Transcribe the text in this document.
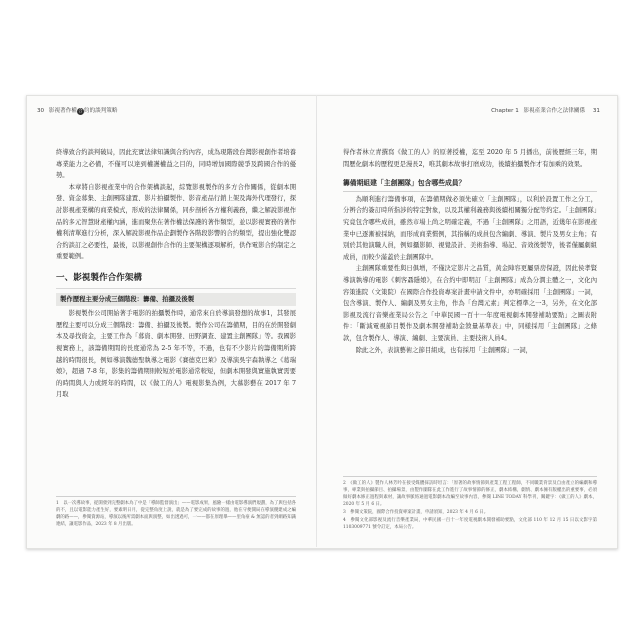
30 影視著作權合約的談判策略	Chapter 1 影視產業合作之法律關係 31

終導致合約談判破局，因此充實法律知識與合約內容，成為現階段台灣影視創作者培養專業能力之必備，不僅可以達到權護權益之目的，同時增加國際競爭及跨國合作的優勢。

本章將自影視產業中的合作架構談起，綜覽影視製作的多方合作關係，從劇本開發、資金募集、主創團隊建置、影片拍攝製作、影音產品行銷上架及海外代理發行，探討影視產業構的商業模式，形成的法律關係，同步剖析各方權利義務，繼之解說影視作品的多元智慧財產權內涵，進而聚焦在著作權法保護的著作類型，並以影視實務的著作權利清單進行分析，深入解說影視作品企劃製作各階段影響的合約類型，提出強化雙認合約談訂之必要性，最後，以影視創作合作的主要架構逐項解析，供作電影合約制定之重要範例。

一、影視製作合作架構
製作歷程主要分成三個階段：籌備、拍攝及後製

影視製作公司開始著手電影的拍攝製作時，通常來自於導演發想的故事1，其發展歷程主要可以分成三個階段：籌備、拍攝及後製。製作公司在籌備期，目的在於開發劇本及尋找資金，主要工作為「募資、劇本開發、田野調查、建置主創團隊」等。我國影視實務上，該籌備期間的長度通常為 2-5 年不等，不過，也有不少影片的籌備期所跨越的時間很長，例如導演魏德聖執導之電影《賽德克巴萊》及導演吳宇森執導之《葛瑞娘》，超過 7-8 年，影集的籌備期則較短於電影通常較短，但劇本開發與實施執實需要的時間與人力或經年的時間，以《做工的人》電視影集為例，大慕影藝在 2017 年 7 月取

1　以一次導故事，從開發到完整劇本為了中是「導師監督演出」——電影成果，風險一樣由電影導演們規劃，為了與包括各的不，且以電影能力產生好，要素明日月，從完整角度上說，就是為了要完成的故事的過，他在守便開局在導演優建成之編劇的路——，參閱資源站，導演以後所需劇本面與演整，如出透過可，一——都在原理畢——里角豪 & 無認的者到網路知識連結，讓電影作品，2023 年 8 月出版。

得作者林立青撰寫《做工的人》的原著授權，迄至 2020 年 5 月播出，前後歷經三年，期間歷化劇本的歷程更是漫長2，唯其劇本故事打磨成功，後續拍攝製作才有加乘的效果。

籌備期組建「主創團隊」包含哪些成員？

為順利進行籌備事項，在籌備期做必須先確立「主創團隊」，以利於設置工作之分工，分辨合約簽訂時所指涉的特定對象，以及其權利義務與後續相關獨分配等約定。「主創團隊」究竟包含哪些成員，雖然市場上尚之明確定義，不過「主創團隊」之用語，近幾年在影視產業中已逐漸被採納，而形成商業慣例，其指稱的成員包含編劇、導演、製片及男女主角；有別於其他演職人員，例如攝影師、視覺設計、美術指導、場記、音效後製等，後者僅屬劇組成員，而較少滿蓋於主創團隊中。

主創團隊重要性與日俱增，不僅決定影片之品質，黃金陣容更屬票房保證，因此侯孝賢導演執導的電影《刺客聶隱娘》，在合約中即明訂「主創團隊」成為分潤主體之一，文化內容策進院（文策院）在國際合作投資專案計畫申請文件中，亦明確採用「主創團隊」一詞，包含導演、製作人、編劇及男女主角，作為「台灣元素」判定標準之一3，另外，在文化部影視及流行音樂產業局公告之「中華民國一百十一年度電視劇本開發補助要點」之圖表附件：「斷減電視節目製作及劇本開發補助金敘量基準表」中，同樣採用「主創團隊」之條款，包含製作人、導演、編劇、主要演員、主要技術人員4。

除此之外，表演藝術之節目組成，也有採用「主創團隊」一詞，

2　《做工的人》製作人林芳吟在接受媒體採訪時坦言：「原著的故事情節與產業工程工程師，不同職業背景及自由產立的編劇和導事，專業與拍攝節目、拍攝場景，由製作團隊在此工作進行了故事情節的修正，劇本結構，劇情、劇本擁有版權出的重要事，必須做好劇本修正過程與素材，讓故事脈絡通過電影劇本改編至故事內容，參閱 LINE TODAY 科學刊，關鍵字：《做工的人》劇本，2020 年 5 月 6 日。

3　參閱文策院，國際合作投資專案計畫，申請須知，2023 年 4 月 6 日。

4　參閱文化部影視及流行音樂產業局，中華民國一百十一年度電視劇本開發補助要點，文化部 110 年 12 月 15 日以文影字第 1103009771 號令訂定，本局公告。
